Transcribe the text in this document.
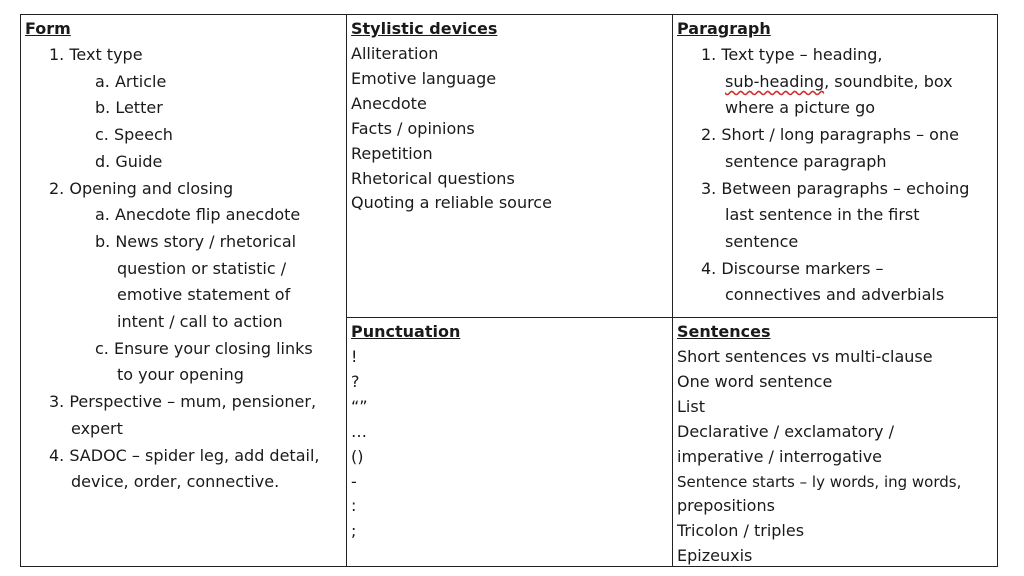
Form
1. Text type
a. Article
b. Letter
c. Speech
d. Guide
2. Opening and closing
a. Anecdote flip anecdote
b. News story / rhetorical
question or statistic /
emotive statement of
intent / call to action
c. Ensure your closing links
to your opening
3. Perspective – mum, pensioner,
expert
4. SADOC – spider leg, add detail,
device, order, connective.
Stylistic devices
Alliteration
Emotive language
Anecdote
Facts / opinions
Repetition
Rhetorical questions
Quoting a reliable source
Paragraph
1. Text type – heading,
sub-heading, soundbite, box
where a picture go
2. Short / long paragraphs – one
sentence paragraph
3. Between paragraphs – echoing
last sentence in the first
sentence
4. Discourse markers –
connectives and adverbials
Punctuation
!
?
“”
…
()
-
:
;
Sentences
Short sentences vs multi-clause
One word sentence
List
Declarative / exclamatory /
imperative / interrogative
Sentence starts – ly words, ing words,
prepositions
Tricolon / triples
Epizeuxis
